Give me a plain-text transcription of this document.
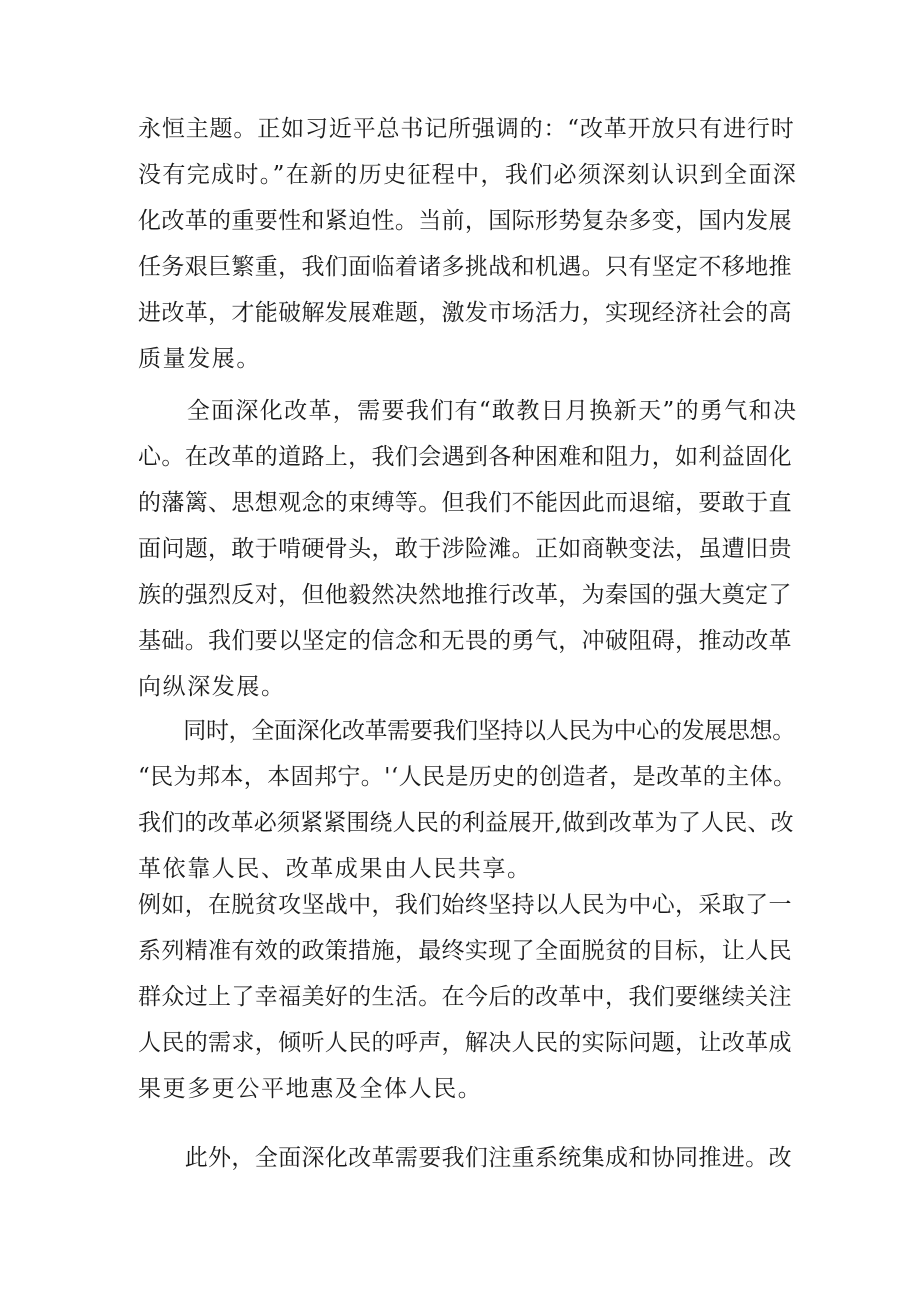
永恒主题。正如习近平总书记所强调的：“改革开放只有进行时
没有完成时。”在新的历史征程中，我们必须深刻认识到全面深
化改革的重要性和紧迫性。当前，国际形势复杂多变，国内发展
任务艰巨繁重，我们面临着诸多挑战和机遇。只有坚定不移地推
进改革，才能破解发展难题，激发市场活力，实现经济社会的高
质量发展。

　　全面深化改革，需要我们有“敢教日月换新天”的勇气和决
心。在改革的道路上，我们会遇到各种困难和阻力，如利益固化
的藩篱、思想观念的束缚等。但我们不能因此而退缩，要敢于直
面问题，敢于啃硬骨头，敢于涉险滩。正如商鞅变法，虽遭旧贵
族的强烈反对，但他毅然决然地推行改革，为秦国的强大奠定了
基础。我们要以坚定的信念和无畏的勇气，冲破阻碍，推动改革
向纵深发展。

　　同时，全面深化改革需要我们坚持以人民为中心的发展思想。
“民为邦本，本固邦宁。'‘人民是历史的创造者，是改革的主体。
我们的改革必须紧紧围绕人民的利益展开,做到改革为了人民、改
革依靠人民、改革成果由人民共享。

例如，在脱贫攻坚战中，我们始终坚持以人民为中心，采取了一
系列精准有效的政策措施，最终实现了全面脱贫的目标，让人民
群众过上了幸福美好的生活。在今后的改革中，我们要继续关注
人民的需求，倾听人民的呼声，解决人民的实际问题，让改革成
果更多更公平地惠及全体人民。

　　此外，全面深化改革需要我们注重系统集成和协同推进。改
